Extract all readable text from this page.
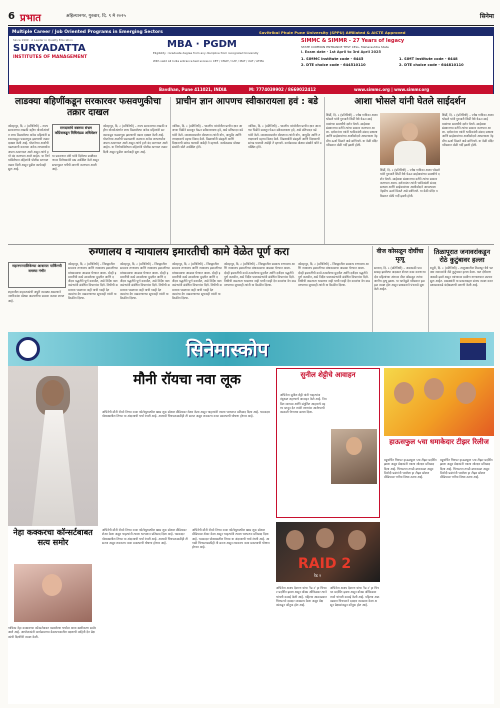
6 प्रभात	अहिल्यानगर, गुरुवार, दि. ९ मे २०२५	सिनेमा
Multiple Career / Job Oriented Programs in Emerging Sectors	Savitribai Phule Pune University (SPPU) Affiliated & AICTE Approved
Since 1999 · A Leader in Quality Education
SURYADATTA
INSTITUTES OF MANAGEMENT
MBA · PGDM
Eligibility : Graduate degree from any discipline from recognized University
With valid All India entrance test scores in CET / CMAT / CAT / MAT / XAT / ATMA
SIMMC & SIMMR - 27 Years of legacy
STATE COMMON ENTRANCE TEST CELL, Maharashtra State
i. Exam date - 1st April to 3rd April 2025
1. SIMMC Institute code - 6445	1. SIMT Institute code - 6448
2. DTE choice code - 644510110	2. DTE choice code - 644810110
Bavdhan, Pune 411021, INDIA	M: 7774039902 / 8669022412	www.simmc.org | www.simmr.org
लाडक्या बहिणींकडून सरकारवर फसवणुकीचा तक्रार दाखल
प्राचीन ज्ञान आपणच स्वीकारायला हवं : बडे	आशा भोसले यांनी घेतले साईदर्शन
कोल्हापूर, दि. ८ (प्रतिनिधी) – राज्य सरकारच्या लाडकी बहीण योजनेअंतर्गत लाभ मिळालेल्या अनेक महिलांनी सरकारकडून फसवणूक झाल्याची तक्रार दाखल केली आहे. योजनेच्या अर्जांची पडताळणी करताना अनेक लाभार्थ्यांना अपात्र ठरवण्यात आले असून त्यांचे हप्ते बंद करण्यात आले आहेत. या निर्णयाविरोधात महिलांनी पोलीस ठाण्यात तक्रार दिली असून पुढील कार्यवाही सुरू आहे.
रामदासांचे वक्तव्य संभ्रम कॉंग्रेसकडून विधिमंडळ अधिवेशन
या प्रकरणात मंत्री यांनी दिलेल्या स्पष्टीकरणावर विरोधकांनी प्रश्न उपस्थित केले असून सभागृहात चर्चेची मागणी करण्यात आली आहे.
कोल्हापूर, दि. ८ (प्रतिनिधी) – राज्य सरकारच्या लाडकी बहीण योजनेअंतर्गत लाभ मिळालेल्या अनेक महिलांनी सरकारकडून फसवणूक झाल्याची तक्रार दाखल केली आहे. योजनेच्या अर्जांची पडताळणी करताना अनेक लाभार्थ्यांना अपात्र ठरवण्यात आले असून त्यांचे हप्ते बंद करण्यात आले आहेत. या निर्णयाविरोधात महिलांनी पोलीस ठाण्यात तक्रार दिली असून पुढील कार्यवाही सुरू आहे.
नाशिक, दि. ८ (प्रतिनिधी) – भारतीय परंपरेतील प्राचीन ज्ञान आजच्या पिढीने समजून घेऊन स्वीकारायला हवे, असे प्रतिपादन बडे यांनी केले. व्याख्यानमालेत बोलताना त्यांनी योग, आयुर्वेद आणि तत्त्वज्ञानाचे महत्त्व विशद केले. विद्यार्थ्यांनी संस्कृती आणि विज्ञानाची सांगड घालावी असेही ते म्हणाले. कार्यक्रमास मोठ्या संख्येने श्रोते उपस्थित होते.
नाशिक, दि. ८ (प्रतिनिधी) – भारतीय परंपरेतील प्राचीन ज्ञान आजच्या पिढीने समजून घेऊन स्वीकारायला हवे, असे प्रतिपादन बडे यांनी केले. व्याख्यानमालेत बोलताना त्यांनी योग, आयुर्वेद आणि तत्त्वज्ञानाचे महत्त्व विशद केले. विद्यार्थ्यांनी संस्कृती आणि विज्ञानाची सांगड घालावी असेही ते म्हणाले. कार्यक्रमास मोठ्या संख्येने श्रोते उपस्थित होते.
शिर्डी, दि. ८ (प्रतिनिधी) – ज्येष्ठ गायिका आशा भोसले यांनी गुरुवारी शिर्डी येथे येऊन साईबाबांच्या समाधीचे दर्शन घेतले. साईबाबा संस्थानच्या वतीने त्यांचा सत्कार करण्यात आला. दर्शनानंतर त्यांनी भाविकांशी संवाद साधला आणि साईबाबांच्या आशीर्वादाने आपल्याला नेहमीच ऊर्जा मिळते असे सांगितले. या वेळी मंदिर परिसरात मोठी गर्दी झाली होती.
शिर्डी, दि. ८ (प्रतिनिधी) – ज्येष्ठ गायिका आशा भोसले यांनी गुरुवारी शिर्डी येथे येऊन साईबाबांच्या समाधीचे दर्शन घेतले. साईबाबा संस्थानच्या वतीने त्यांचा सत्कार करण्यात आला. दर्शनानंतर त्यांनी भाविकांशी संवाद साधला आणि साईबाबांच्या आशीर्वादाने आपल्याला नेहमीच ऊर्जा मिळते असे सांगितले. या वेळी मंदिर परिसरात मोठी गर्दी झाली होती.
शिर्डी, दि. ८ (प्रतिनिधी) – ज्येष्ठ गायिका आशा भोसले यांनी गुरुवारी शिर्डी येथे येऊन साईबाबांच्या समाधीचे दर्शन घेतले. साईबाबा संस्थानच्या वतीने त्यांचा सत्कार करण्यात आला. दर्शनानंतर त्यांनी भाविकांशी संवाद साधला आणि साईबाबांच्या आशीर्वादाने आपल्याला नेहमीच ऊर्जा मिळते असे सांगितले. या वेळी मंदिर परिसरात मोठी गर्दी झाली होती.
रुग्णालय व न्यायालय इमारतीची कामे वेळेत पूर्ण करा
महानगरपालिकेच्या आवारात पार्किंगची समस्या गंभीर
शहरातील वाहनतळांची अपुरी व्यवस्था असल्याने नागरिकांना मोठ्या अडचणींचा सामना करावा लागत आहे.
कोल्हापूर, दि. ८ (प्रतिनिधी) – जिल्ह्यातील सामान्य रुग्णालय आणि न्यायालय इमारतीच्या बांधकामाचा आढावा घेण्यात आला. दोन्ही इमारतींची कामे ठरवलेल्या मुदतीत आणि दर्जेदार पद्धतीने पूर्ण करावीत, असे निर्देश पालकमंत्र्यांनी संबंधित विभागांना दिले. निधीची कमतरता भासणार नाही याची ग्वाही देत कामांचा वेग वाढवण्याच्या सूचनाही त्यांनी या बैठकीत दिल्या.
कोल्हापूर, दि. ८ (प्रतिनिधी) – जिल्ह्यातील सामान्य रुग्णालय आणि न्यायालय इमारतीच्या बांधकामाचा आढावा घेण्यात आला. दोन्ही इमारतींची कामे ठरवलेल्या मुदतीत आणि दर्जेदार पद्धतीने पूर्ण करावीत, असे निर्देश पालकमंत्र्यांनी संबंधित विभागांना दिले. निधीची कमतरता भासणार नाही याची ग्वाही देत कामांचा वेग वाढवण्याच्या सूचनाही त्यांनी या बैठकीत दिल्या.
कोल्हापूर, दि. ८ (प्रतिनिधी) – जिल्ह्यातील सामान्य रुग्णालय आणि न्यायालय इमारतीच्या बांधकामाचा आढावा घेण्यात आला. दोन्ही इमारतींची कामे ठरवलेल्या मुदतीत आणि दर्जेदार पद्धतीने पूर्ण करावीत, असे निर्देश पालकमंत्र्यांनी संबंधित विभागांना दिले. निधीची कमतरता भासणार नाही याची ग्वाही देत कामांचा वेग वाढवण्याच्या सूचनाही त्यांनी या बैठकीत दिल्या.
कोल्हापूर, दि. ८ (प्रतिनिधी) – जिल्ह्यातील सामान्य रुग्णालय आणि न्यायालय इमारतीच्या बांधकामाचा आढावा घेण्यात आला. दोन्ही इमारतींची कामे ठरवलेल्या मुदतीत आणि दर्जेदार पद्धतीने पूर्ण करावीत, असे निर्देश पालकमंत्र्यांनी संबंधित विभागांना दिले. निधीची कमतरता भासणार नाही याची ग्वाही देत कामांचा वेग वाढवण्याच्या सूचनाही त्यांनी या बैठकीत दिल्या.
कोल्हापूर, दि. ८ (प्रतिनिधी) – जिल्ह्यातील सामान्य रुग्णालय आणि न्यायालय इमारतीच्या बांधकामाचा आढावा घेण्यात आला. दोन्ही इमारतींची कामे ठरवलेल्या मुदतीत आणि दर्जेदार पद्धतीने पूर्ण करावीत, असे निर्देश पालकमंत्र्यांनी संबंधित विभागांना दिले. निधीची कमतरता भासणार नाही याची ग्वाही देत कामांचा वेग वाढवण्याच्या सूचनाही त्यांनी या बैठकीत दिल्या.
वीज कोसळून दोघींचा मृत्यू
सातारा, दि. ८ (प्रतिनिधी) – अवकाळी पावसासह झालेल्या वादळात शेतात काम करणाऱ्या दोन महिलांच्या अंगावर वीज कोसळून त्यांचा जागीच मृत्यू झाला. या घटनेमुळे परिसरात हळहळ व्यक्त होत असून प्रशासनाने पंचनामे सुरू केले आहेत.
तिळापूरात जनावरांकडून रोठे कुटुंबावर हल्ला
राहुरी, दि. ८ (प्रतिनिधी) – तालुक्यातील तिळापूर येथे भटक्या जनावरांनी रोठे कुटुंबावर हल्ला केला. यात दोघेजण जखमी झाले असून त्यांच्यावर ग्रामीण रुग्णालयात उपचार सुरू आहेत. ग्रामस्थांनी या प्रकाराबद्दल संताप व्यक्त करत प्रशासनाकडे बंदोबस्ताची मागणी केली आहे.
सिनेमास्कोप
मौनी रॉयचा नवा लूक
अभिनेत्री मौनी रॉयने तिच्या नव्या फोटोशूटमधील खास लूक सोशल मीडियावर शेअर केला असून चाहत्यांनी त्याला भरभरून प्रतिसाद दिला आहे. चमकदार पोशाखातील तिच्या या अंदाजाची चर्चा रंगली आहे. आगामी चित्रपटासाठीही ती सज्ज असून लवकरच नव्या प्रकल्पाची घोषणा होणार आहे.
सुनील शेट्टीचे आवाहन
अभिनेता सुनील शेट्टी यांनी चाहत्यांना तंदुरुस्त राहण्याचे आवाहन केले आहे. नियमित व्यायाम आणि संतुलित आहाराचे महत्त्व पटवून देत त्यांनी तरुणांना आरोग्याची काळजी घेण्याचा सल्ला दिला.
हाऊसफुल ५चा धमाकेदार टीझर रिलीज
बहुचर्चित चित्रपट हाऊसफुल ५चा टीझर प्रदर्शित झाला असून प्रेक्षकांनी त्याला जोरदार प्रतिसाद दिला आहे. चित्रपटात तगडी स्टारकास्ट असून विनोदी प्रसंगांनी भरलेला हा टीझर सोशल मीडियावर चर्चेचा विषय ठरला आहे.
बहुचर्चित चित्रपट हाऊसफुल ५चा टीझर प्रदर्शित झाला असून प्रेक्षकांनी त्याला जोरदार प्रतिसाद दिला आहे. चित्रपटात तगडी स्टारकास्ट असून विनोदी प्रसंगांनी भरलेला हा टीझर सोशल मीडियावर चर्चेचा विषय ठरला आहे.
नेहा कक्करचा कॉन्सर्टबाबत सत्य समोर
गायिका नेहा कक्करच्या कॉन्सर्टबाबत पसरलेल्या चर्चांवर आता स्पष्टीकरण समोर आले आहे. आयोजकांनी कार्यक्रमाच्या वेळापत्रकातील बदलाची माहिती देत प्रेक्षकांची दिलगिरी व्यक्त केली.
अभिनेत्री मौनी रॉयने तिच्या नव्या फोटोशूटमधील खास लूक सोशल मीडियावर शेअर केला असून चाहत्यांनी त्याला भरभरून प्रतिसाद दिला आहे. चमकदार पोशाखातील तिच्या या अंदाजाची चर्चा रंगली आहे. आगामी चित्रपटासाठीही ती सज्ज असून लवकरच नव्या प्रकल्पाची घोषणा होणार आहे.
अभिनेत्री मौनी रॉयने तिच्या नव्या फोटोशूटमधील खास लूक सोशल मीडियावर शेअर केला असून चाहत्यांनी त्याला भरभरून प्रतिसाद दिला आहे. चमकदार पोशाखातील तिच्या या अंदाजाची चर्चा रंगली आहे. आगामी चित्रपटासाठीही ती सज्ज असून लवकरच नव्या प्रकल्पाची घोषणा होणार आहे.
RAID 2
रेड २
अभिनेता अजय देवगण यांचा 'रेड २' हा चित्रपट प्रदर्शित झाला असून बॉक्स ऑफिसवर त्याने चांगली कमाई केली आहे. पहिल्या आठवड्यात चित्रपटाने दमदार व्यवसाय केला असून प्रेक्षकांकडून कौतुक होत आहे.
अभिनेता अजय देवगण यांचा 'रेड २' हा चित्रपट प्रदर्शित झाला असून बॉक्स ऑफिसवर त्याने चांगली कमाई केली आहे. पहिल्या आठवड्यात चित्रपटाने दमदार व्यवसाय केला असून प्रेक्षकांकडून कौतुक होत आहे.
